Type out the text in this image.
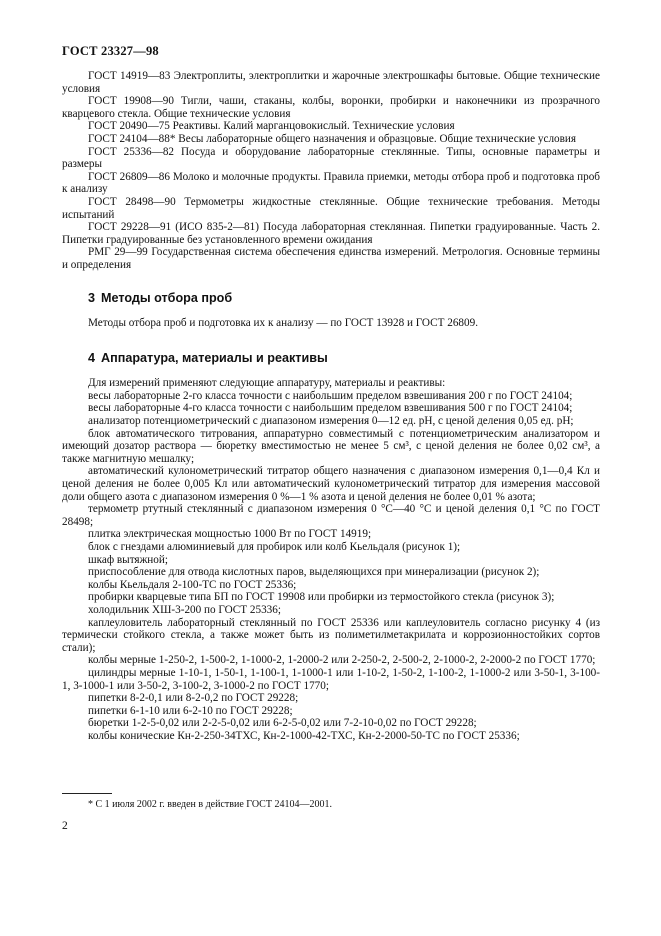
ГОСТ 23327—98

ГОСТ 14919—83 Электроплиты, электроплитки и жарочные электрошкафы бытовые. Общие технические условия

ГОСТ 19908—90 Тигли, чаши, стаканы, колбы, воронки, пробирки и наконечники из прозрачного кварцевого стекла. Общие технические условия

ГОСТ 20490—75 Реактивы. Калий марганцовокислый. Технические условия

ГОСТ 24104—88* Весы лабораторные общего назначения и образцовые. Общие технические условия

ГОСТ 25336—82 Посуда и оборудование лабораторные стеклянные. Типы, основные параметры и размеры

ГОСТ 26809—86 Молоко и молочные продукты. Правила приемки, методы отбора проб и подготовка проб к анализу

ГОСТ 28498—90 Термометры жидкостные стеклянные. Общие технические требования. Методы испытаний

ГОСТ 29228—91 (ИСО 835-2—81) Посуда лабораторная стеклянная. Пипетки градуированные. Часть 2. Пипетки градуированные без установленного времени ожидания

РМГ 29—99 Государственная система обеспечения единства измерений. Метрология. Основные термины и определения

3 Методы отбора проб

Методы отбора проб и подготовка их к анализу — по ГОСТ 13928 и ГОСТ 26809.

4 Аппаратура, материалы и реактивы

Для измерений применяют следующие аппаратуру, материалы и реактивы:

весы лабораторные 2-го класса точности с наибольшим пределом взвешивания 200 г по ГОСТ 24104;

весы лабораторные 4-го класса точности с наибольшим пределом взвешивания 500 г по ГОСТ 24104;

анализатор потенциометрический с диапазоном измерения 0—12 ед. pH, с ценой деления 0,05 ед. pH;

блок автоматического титрования, аппаратурно совместимый с потенциометрическим анализатором и имеющий дозатор раствора — бюретку вместимостью не менее 5 см³, с ценой деления не более 0,02 см³, а также магнитную мешалку;

автоматический кулонометрический титратор общего назначения с диапазоном измерения 0,1—0,4 Кл и ценой деления не более 0,005 Кл или автоматический кулонометрический титратор для измерения массовой доли общего азота с диапазоном измерения 0 %—1 % азота и ценой деления не более 0,01 % азота;

термометр ртутный стеклянный с диапазоном измерения 0 °С—40 °С и ценой деления 0,1 °С по ГОСТ 28498;

плитка электрическая мощностью 1000 Вт по ГОСТ 14919;

блок с гнездами алюминиевый для пробирок или колб Кьельдаля (рисунок 1);

шкаф вытяжной;

приспособление для отвода кислотных паров, выделяющихся при минерализации (рисунок 2);

колбы Кьельдаля 2-100-ТС по ГОСТ 25336;

пробирки кварцевые типа БП по ГОСТ 19908 или пробирки из термостойкого стекла (рисунок 3);

холодильник ХШ-3-200 по ГОСТ 25336;

каплеуловитель лабораторный стеклянный по ГОСТ 25336 или каплеуловитель согласно рисунку 4 (из термически стойкого стекла, а также может быть из полиметилметакрилата и коррозионностойких сортов стали);

колбы мерные 1-250-2, 1-500-2, 1-1000-2, 1-2000-2 или 2-250-2, 2-500-2, 2-1000-2, 2-2000-2 по ГОСТ 1770;

цилиндры мерные 1-10-1, 1-50-1, 1-100-1, 1-1000-1 или 1-10-2, 1-50-2, 1-100-2, 1-1000-2 или 3-50-1, 3-100-1, 3-1000-1 или 3-50-2, 3-100-2, 3-1000-2 по ГОСТ 1770;

пипетки 8-2-0,1 или 8-2-0,2 по ГОСТ 29228;

пипетки 6-1-10 или 6-2-10 по ГОСТ 29228;

бюретки 1-2-5-0,02 или 2-2-5-0,02 или 6-2-5-0,02 или 7-2-10-0,02 по ГОСТ 29228;

колбы конические Кн-2-250-34ТХС, Кн-2-1000-42-ТХС, Кн-2-2000-50-ТС по ГОСТ 25336;

* С 1 июля 2002 г. введен в действие ГОСТ 24104—2001.
2
